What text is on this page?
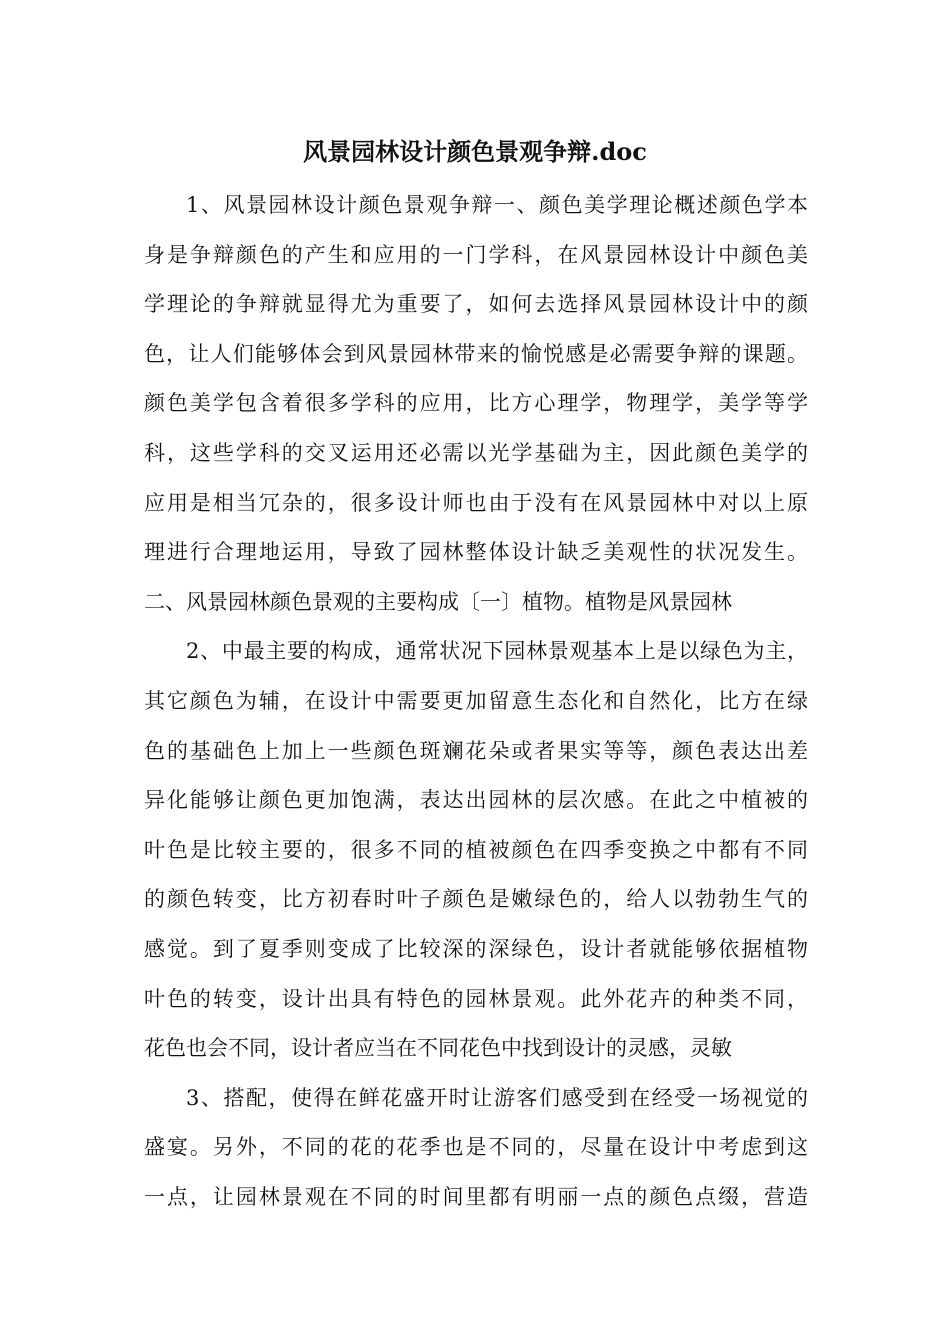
风景园林设计颜色景观争辩.doc
1、风景园林设计颜色景观争辩一、颜色美学理论概述颜色学本
身是争辩颜色的产生和应用的一门学科，在风景园林设计中颜色美
学理论的争辩就显得尤为重要了，如何去选择风景园林设计中的颜
色，让人们能够体会到风景园林带来的愉悦感是必需要争辩的课题。
颜色美学包含着很多学科的应用，比方心理学，物理学，美学等学
科，这些学科的交叉运用还必需以光学基础为主，因此颜色美学的
应用是相当冗杂的，很多设计师也由于没有在风景园林中对以上原
理进行合理地运用，导致了园林整体设计缺乏美观性的状况发生。
二、风景园林颜色景观的主要构成〔一〕植物。植物是风景园林
2、中最主要的构成，通常状况下园林景观基本上是以绿色为主，
其它颜色为辅，在设计中需要更加留意生态化和自然化，比方在绿
色的基础色上加上一些颜色斑斓花朵或者果实等等，颜色表达出差
异化能够让颜色更加饱满，表达出园林的层次感。在此之中植被的
叶色是比较主要的，很多不同的植被颜色在四季变换之中都有不同
的颜色转变，比方初春时叶子颜色是嫩绿色的，给人以勃勃生气的
感觉。到了夏季则变成了比较深的深绿色，设计者就能够依据植物
叶色的转变，设计出具有特色的园林景观。此外花卉的种类不同，
花色也会不同，设计者应当在不同花色中找到设计的灵感，灵敏
3、搭配，使得在鲜花盛开时让游客们感受到在经受一场视觉的
盛宴。另外，不同的花的花季也是不同的，尽量在设计中考虑到这
一点，让园林景观在不同的时间里都有明丽一点的颜色点缀，营造
